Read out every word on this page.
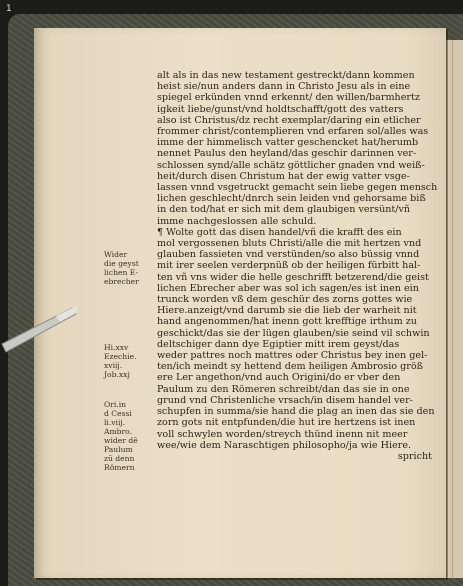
1
Wider
die geyst
lichen E-
ebrecher
Hi.xxv
Ezechie.
xviij.
Job.xxj
Ori.in
d Cessi
li.viij.
Ambro.
wider dē
Paulum
zū denn
Römern
alt als in das new testament gestreckt/dann kommen
heist sie/nun anders dann in Christo Jesu als in eine
spiegel erkünden vnnd erkennt/ den willen/barmhertz
igkeit liebe/gunst/vnd holdtschafft/gott des vatters
also ist Christus/dz recht exemplar/daring ein etlicher
frommer christ/contemplieren vnd erfaren sol/alles was
imme der himmelisch vatter geschencket hat/herumb
nennet Paulus den heyland/das geschir darinnen ver-
schlossen synd/alle schätz göttlicher gnaden vnd weiß-
heit/durch disen Christum hat der ewig vatter vsge-
lassen vnnd vsgetruckt gemacht sein liebe gegen mensch
lichen geschlecht/dnrch sein leiden vnd gehorsame biß
in den tod/hat er sich mit dem glaubigen versünt/vñ
imme nachgeslossen alle schuld.
¶ Wolte gott das disen handel/vñ die krafft des ein
mol vergossenen bluts Christi/alle die mit hertzen vnd
glauben fassieten vnd verstünden/so also büssig vnnd
mit irer seelen verderpnüß ob der heiligen fürbitt hal-
ten vñ vns wider die helle geschrifft betzerend/die geist
lichen Ebrecher aber was sol ich sagen/es ist inen ein
trunck worden vß dem geschür des zorns gottes wie
Hiere.anzeigt/vnd darumb sie die lieb der warheit nit
hand angenommen/hat inenn gott krefftige irthum zu
geschickt/das sie der lügen glauben/sie seind vil schwin
deltschiger dann dye Egiptier mitt irem geyst/das
weder pattres noch mattres oder Christus bey inen gel-
ten/ich meindt sy hettend dem heiligen Ambrosio größ
ere Ler angethon/vnd auch Origini/do er vber den
Paulum zu den Römeren schreibt/dan das sie in one
grund vnd Christenliche vrsach/in disem handel ver-
schupfen in summa/sie hand die plag an inen das sie den
zorn gots nit entpfunden/die hut ire hertzens ist inen
voll schwylen worden/streych thünd inenn nit meer
wee/wie dem Naraschtigen philosopho/ja wie Hiere.
spricht
